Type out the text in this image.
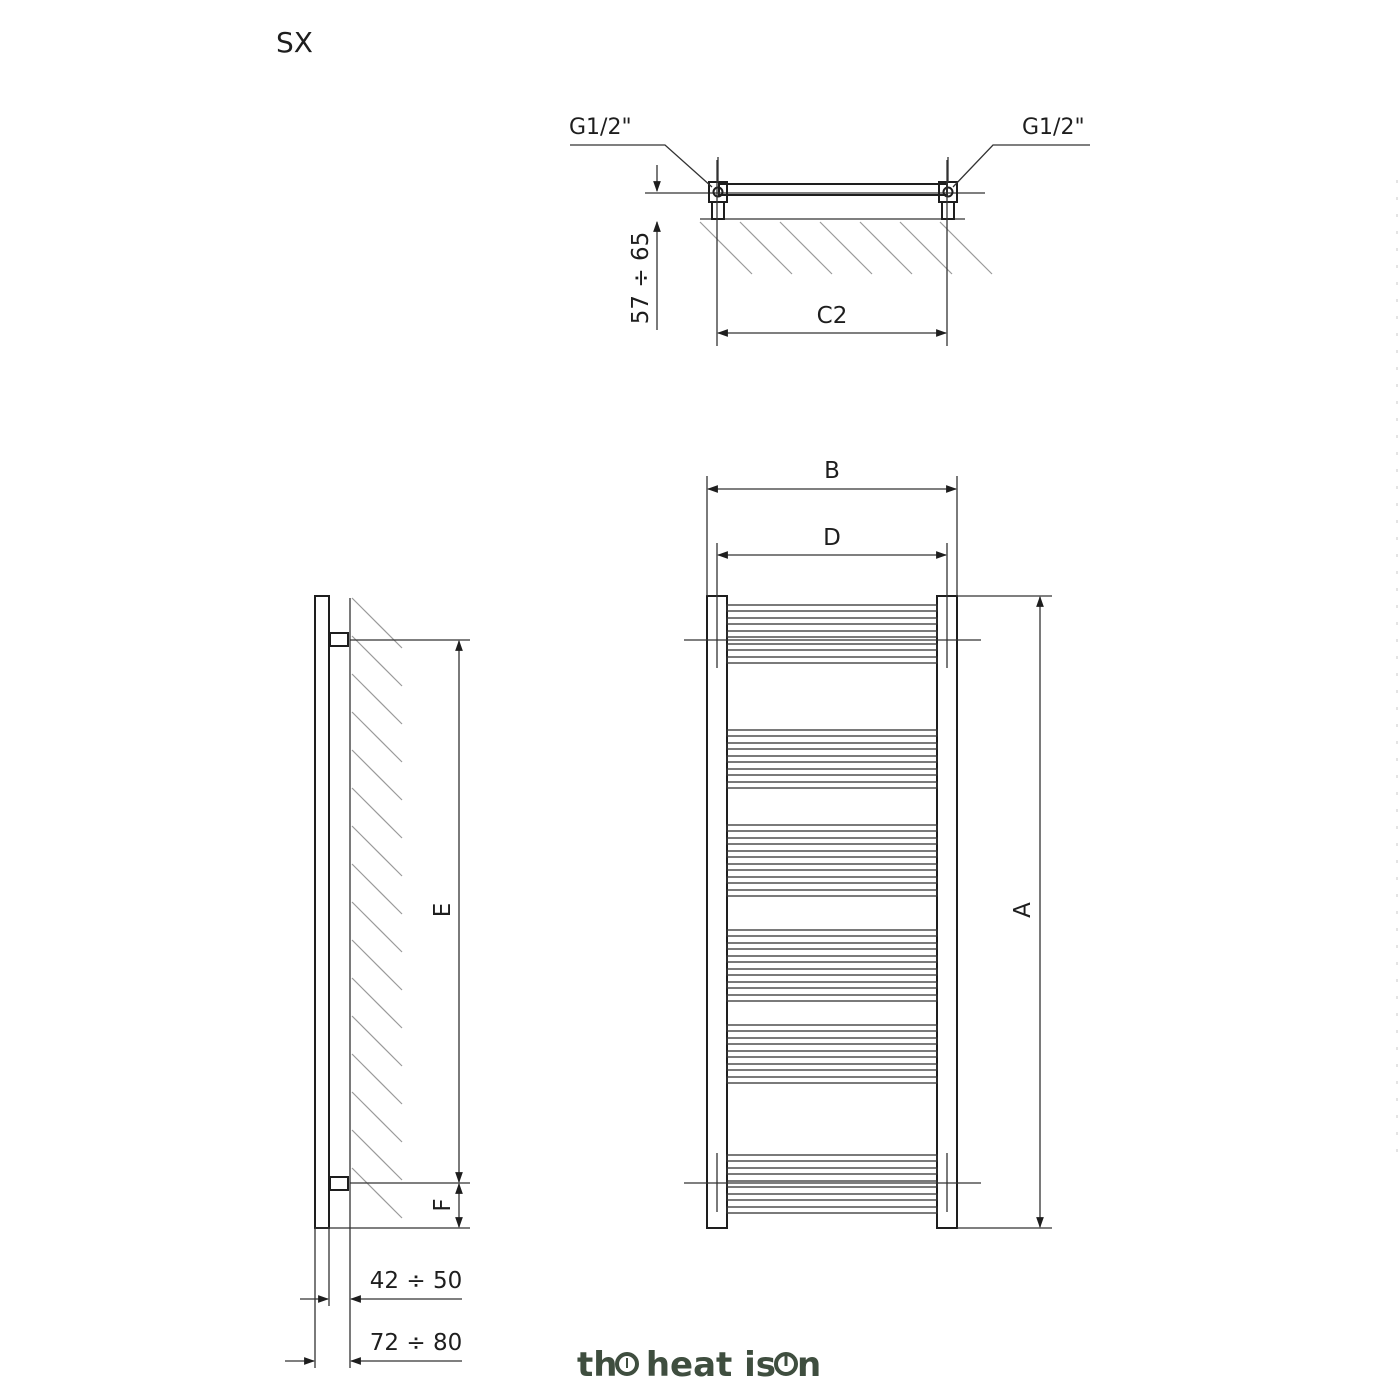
SX
G1/2"	G1/2"
57 ÷ 65	C2
E
F
42 ÷ 50
72 ÷ 80
B
D
A
th heat is n
